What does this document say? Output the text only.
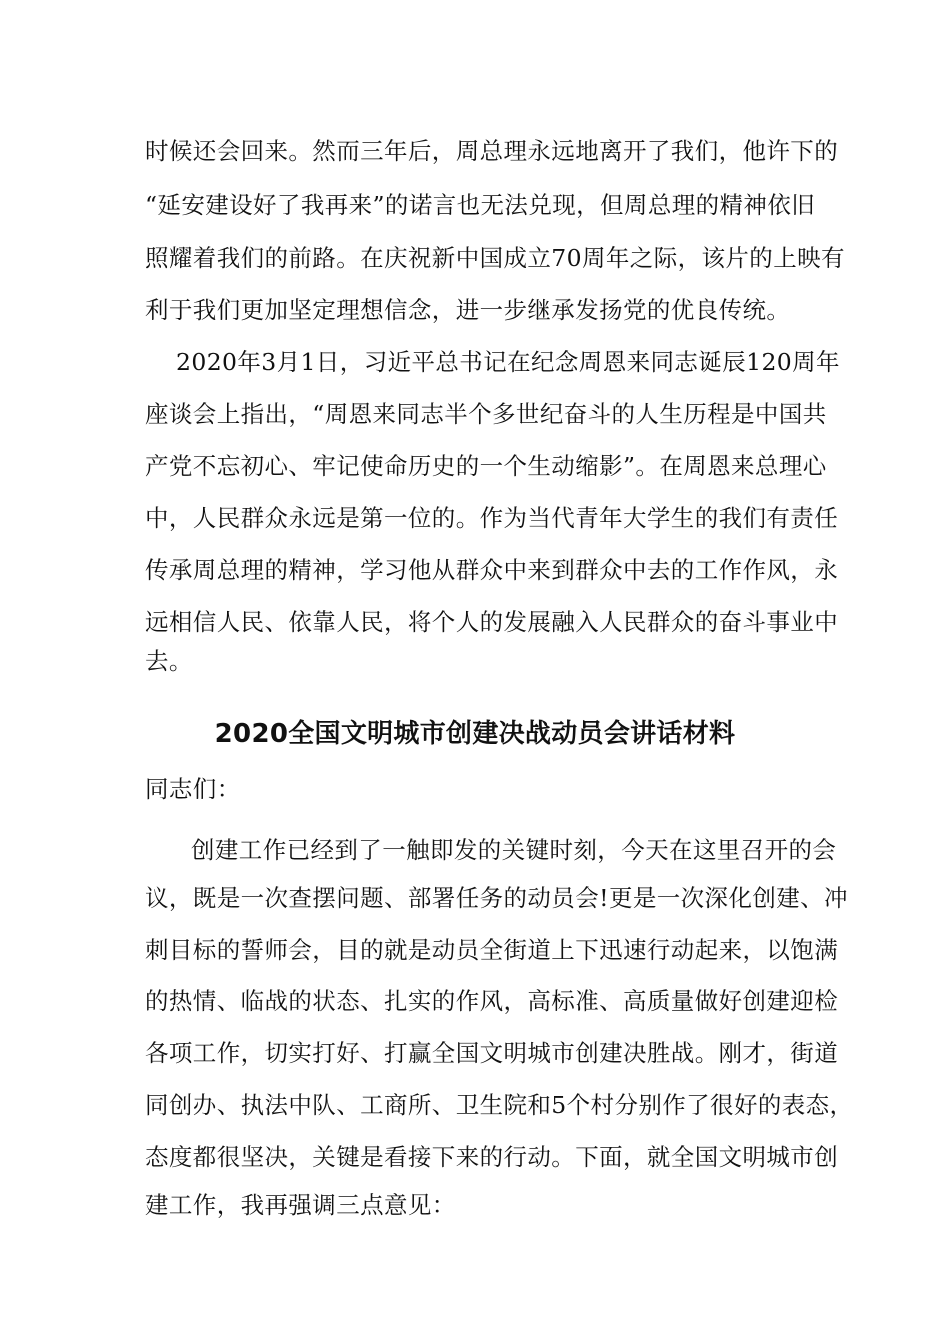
时候还会回来。然而三年后，周总理永远地离开了我们，他许下的
“延安建设好了我再来”的诺言也无法兑现，但周总理的精神依旧
照耀着我们的前路。在庆祝新中国成立70周年之际，该片的上映有
利于我们更加坚定理想信念，进一步继承发扬党的优良传统。
2020年3月1日，习近平总书记在纪念周恩来同志诞辰120周年
座谈会上指出，“周恩来同志半个多世纪奋斗的人生历程是中国共
产党不忘初心、牢记使命历史的一个生动缩影”。在周恩来总理心
中，人民群众永远是第一位的。作为当代青年大学生的我们有责任
传承周总理的精神，学习他从群众中来到群众中去的工作作风，永
远相信人民、依靠人民，将个人的发展融入人民群众的奋斗事业中
去。
2020全国文明城市创建决战动员会讲话材料
同志们：
创建工作已经到了一触即发的关键时刻，今天在这里召开的会
议，既是一次查摆问题、部署任务的动员会!更是一次深化创建、冲
刺目标的誓师会，目的就是动员全街道上下迅速行动起来，以饱满
的热情、临战的状态、扎实的作风，高标准、高质量做好创建迎检
各项工作，切实打好、打赢全国文明城市创建决胜战。刚才，街道
同创办、执法中队、工商所、卫生院和5个村分别作了很好的表态，
态度都很坚决，关键是看接下来的行动。下面，就全国文明城市创
建工作，我再强调三点意见：
